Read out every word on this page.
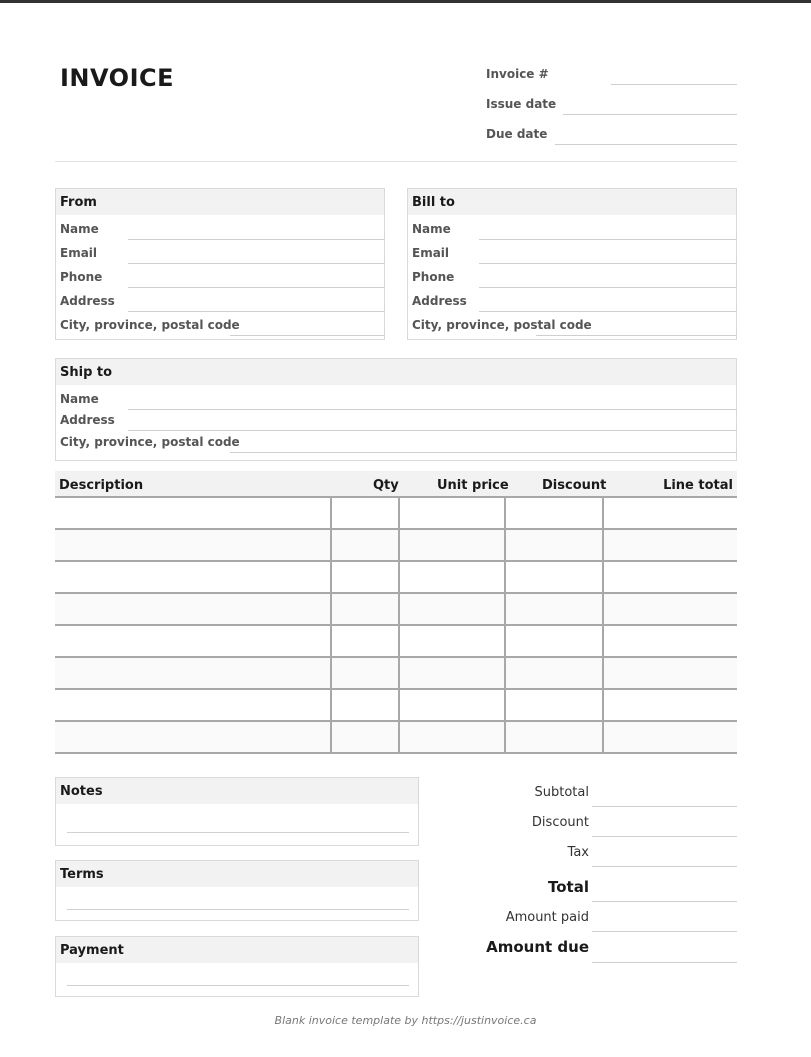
INVOICE	Invoice #
Issue date
Due date
From
Name
Email
Phone
Address
City, province, postal code
Bill to
Name
Email
Phone
Address
City, province, postal code
Ship to
Name
Address
City, province, postal code
Description	Qty	Unit price	Discount	Line total
Notes
Terms
Payment
Subtotal
Discount
Tax
Total
Amount paid
Amount due
Blank invoice template by https://justinvoice.ca
